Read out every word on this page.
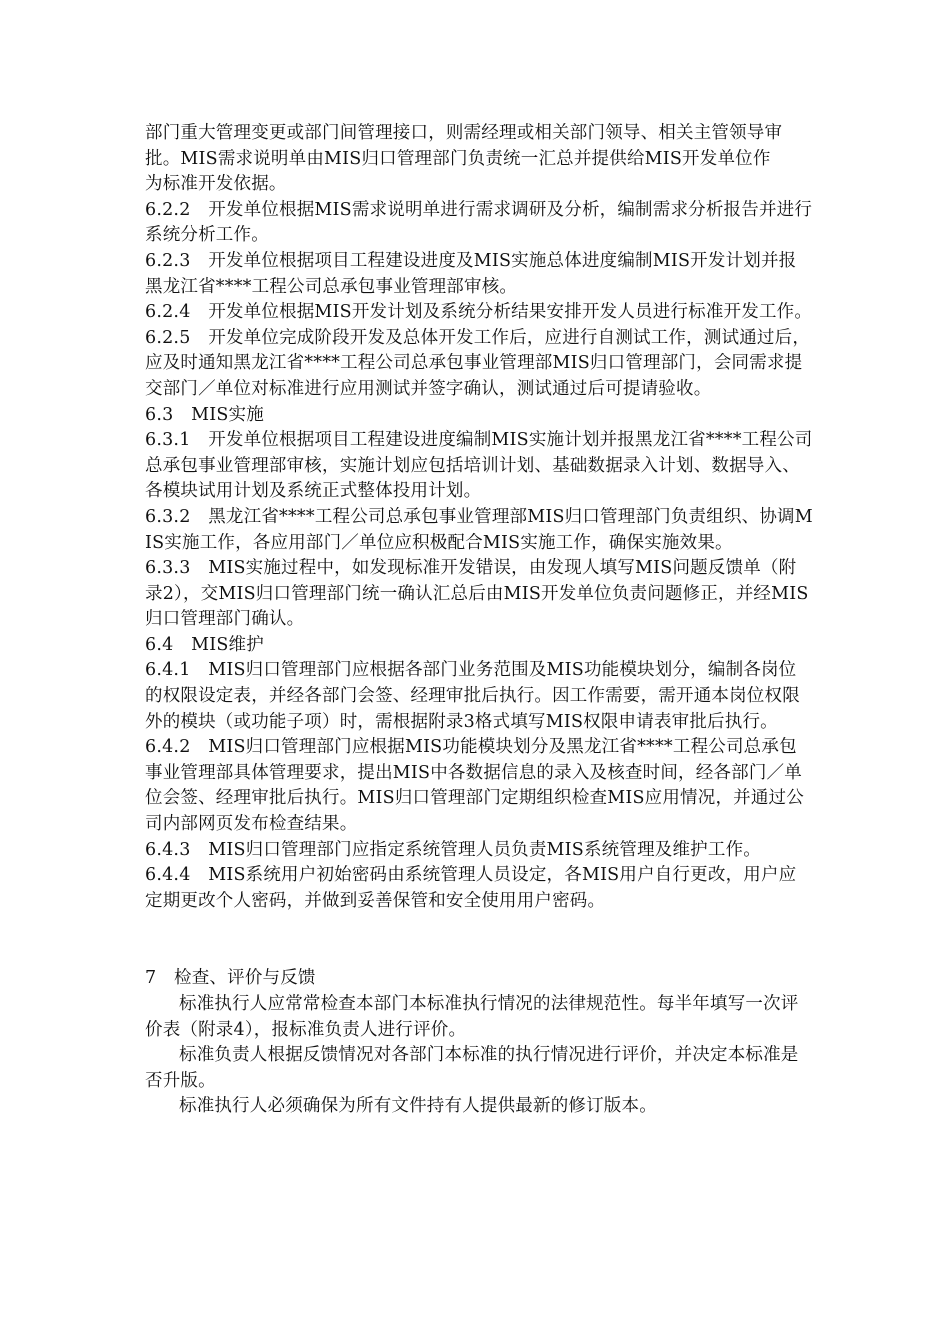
部门重大管理变更或部门间管理接口，则需经理或相关部门领导、相关主管领导审批。MIS需求说明单由MIS归口管理部门负责统一汇总并提供给MIS开发单位作

为标准开发依据。

6.2.2　开发单位根据MIS需求说明单进行需求调研及分析，编制需求分析报告并进行系统分析工作。

6.2.3　开发单位根据项目工程建设进度及MIS实施总体进度编制MIS开发计划并报黑龙江省****工程公司总承包事业管理部审核。

6.2.4　开发单位根据MIS开发计划及系统分析结果安排开发人员进行标准开发工作。

6.2.5　开发单位完成阶段开发及总体开发工作后，应进行自测试工作，测试通过后，应及时通知黑龙江省****工程公司总承包事业管理部MIS归口管理部门，会同需求提交部门／单位对标准进行应用测试并签字确认，测试通过后可提请验收。

6.3　MIS实施

6.3.1　开发单位根据项目工程建设进度编制MIS实施计划并报黑龙江省****工程公司总承包事业管理部审核，实施计划应包括培训计划、基础数据录入计划、数据导入、各模块试用计划及系统正式整体投用计划。

6.3.2　黑龙江省****工程公司总承包事业管理部MIS归口管理部门负责组织、协调MIS实施工作，各应用部门／单位应积极配合MIS实施工作，确保实施效果。

6.3.3　MIS实施过程中，如发现标准开发错误，由发现人填写MIS问题反馈单（附录2），交MIS归口管理部门统一确认汇总后由MIS开发单位负责问题修正，并经MIS归口管理部门确认。

6.4　MIS维护

6.4.1　MIS归口管理部门应根据各部门业务范围及MIS功能模块划分，编制各岗位的权限设定表，并经各部门会签、经理审批后执行。因工作需要，需开通本岗位权限外的模块（或功能子项）时，需根据附录3格式填写MIS权限申请表审批后执行。

6.4.2　MIS归口管理部门应根据MIS功能模块划分及黑龙江省****工程公司总承包事业管理部具体管理要求，提出MIS中各数据信息的录入及核查时间，经各部门／单位会签、经理审批后执行。MIS归口管理部门定期组织检查MIS应用情况，并通过公司内部网页发布检查结果。

6.4.3　MIS归口管理部门应指定系统管理人员负责MIS系统管理及维护工作。

6.4.4　MIS系统用户初始密码由系统管理人员设定，各MIS用户自行更改，用户应定期更改个人密码，并做到妥善保管和安全使用用户密码。

7　检查、评价与反馈

标准执行人应常常检查本部门本标准执行情况的法律规范性。每半年填写一次评价表（附录4），报标准负责人进行评价。

标准负责人根据反馈情况对各部门本标准的执行情况进行评价，并决定本标准是否升版。

标准执行人必须确保为所有文件持有人提供最新的修订版本。
